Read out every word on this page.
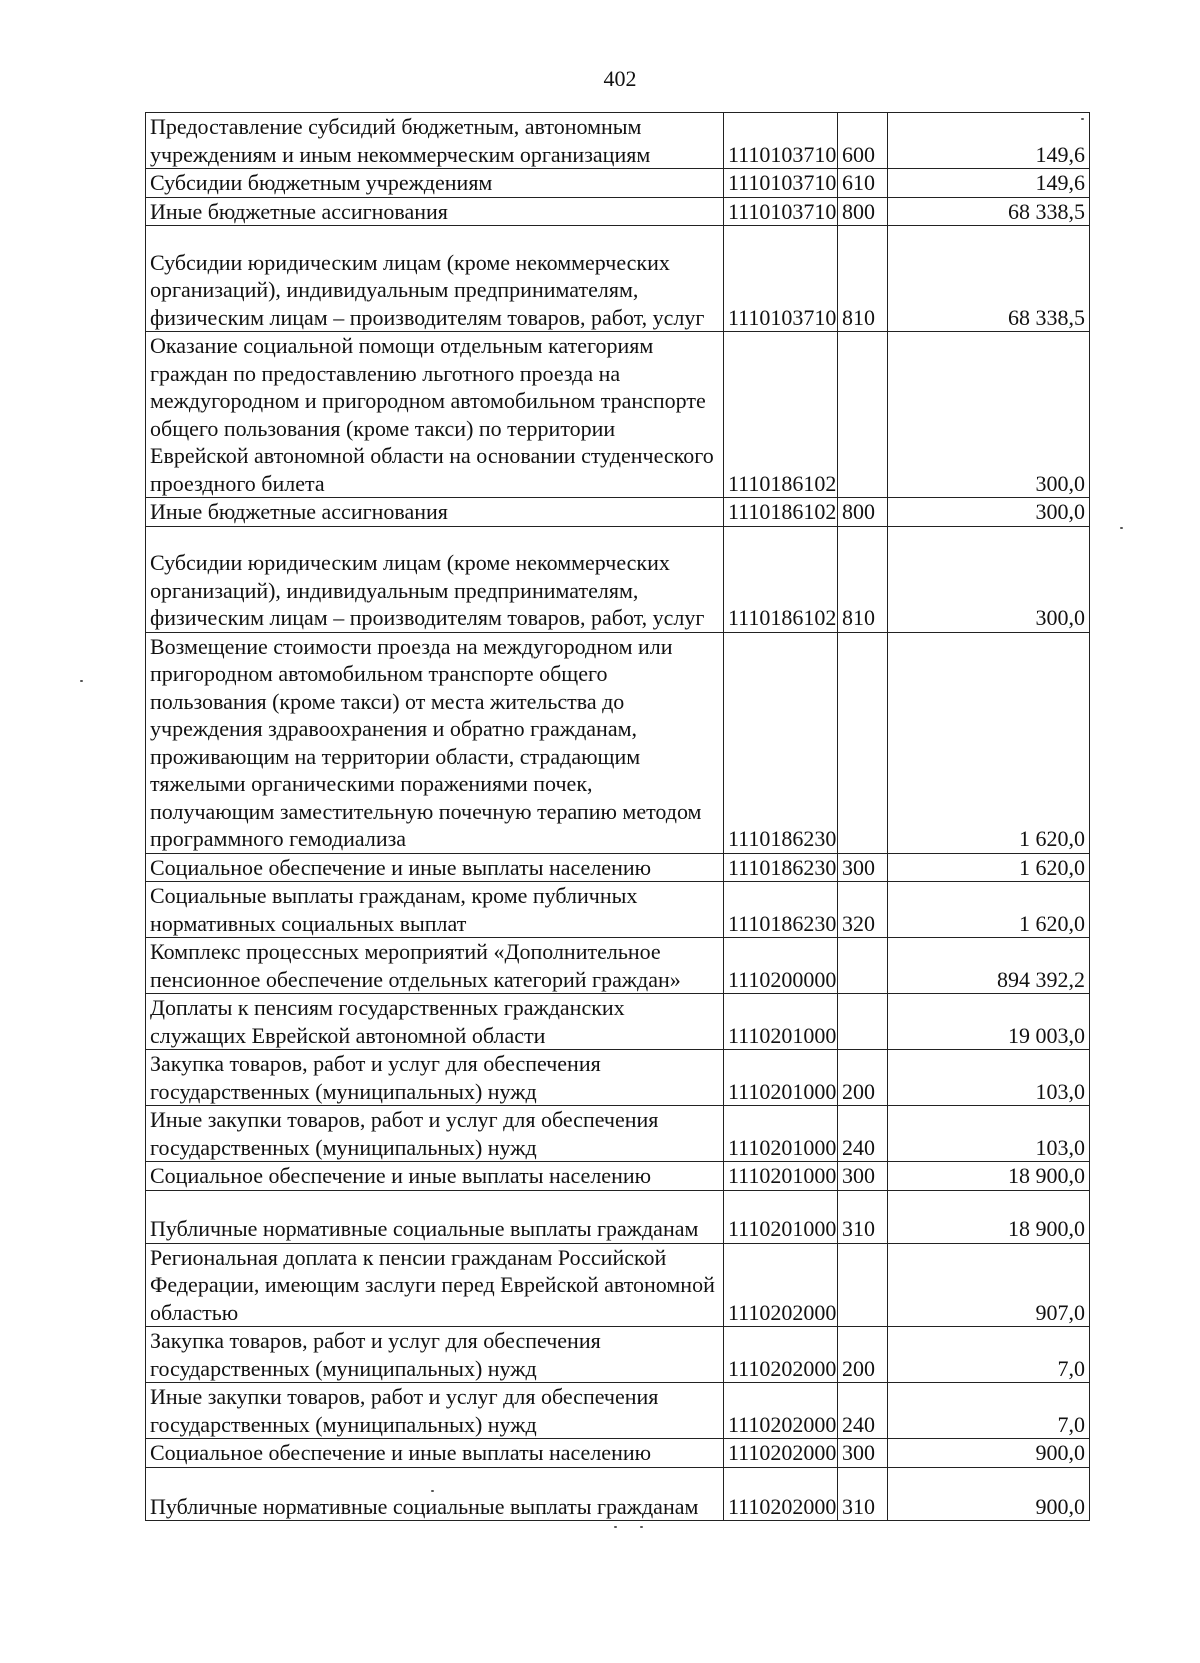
402
Предоставление субсидий бюджетным, автономным учреждениям и иным некоммерческим организациям	1110103710	600	149,6
Субсидии бюджетным учреждениям	1110103710	610	149,6
Иные бюджетные ассигнования	1110103710	800	68 338,5
Субсидии юридическим лицам (кроме некоммерческих организаций), индивидуальным предпринимателям, физическим лицам – производителям товаров, работ, услуг	1110103710	810	68 338,5
Оказание социальной помощи отдельным категориям граждан по предоставлению льготного проезда на междугородном и пригородном автомобильном транспорте общего пользования (кроме такси) по территории Еврейской автономной области на основании студенческого проездного билета	1110186102		300,0
Иные бюджетные ассигнования	1110186102	800	300,0
Субсидии юридическим лицам (кроме некоммерческих организаций), индивидуальным предпринимателям, физическим лицам – производителям товаров, работ, услуг	1110186102	810	300,0
Возмещение стоимости проезда на междугородном или пригородном автомобильном транспорте общего пользования (кроме такси) от места жительства до учреждения здравоохранения и обратно гражданам, проживающим на территории области, страдающим тяжелыми органическими поражениями почек, получающим заместительную почечную терапию методом программного гемодиализа	1110186230		1 620,0
Социальное обеспечение и иные выплаты населению	1110186230	300	1 620,0
Социальные выплаты гражданам, кроме публичных нормативных социальных выплат	1110186230	320	1 620,0
Комплекс процессных мероприятий «Дополнительное пенсионное обеспечение отдельных категорий граждан»	1110200000		894 392,2
Доплаты к пенсиям государственных гражданских служащих Еврейской автономной области	1110201000		19 003,0
Закупка товаров, работ и услуг для обеспечения государственных (муниципальных) нужд	1110201000	200	103,0
Иные закупки товаров, работ и услуг для обеспечения государственных (муниципальных) нужд	1110201000	240	103,0
Социальное обеспечение и иные выплаты населению	1110201000	300	18 900,0
Публичные нормативные социальные выплаты гражданам	1110201000	310	18 900,0
Региональная доплата к пенсии гражданам Российской Федерации, имеющим заслуги перед Еврейской автономной областью	1110202000		907,0
Закупка товаров, работ и услуг для обеспечения государственных (муниципальных) нужд	1110202000	200	7,0
Иные закупки товаров, работ и услуг для обеспечения государственных (муниципальных) нужд	1110202000	240	7,0
Социальное обеспечение и иные выплаты населению	1110202000	300	900,0
Публичные нормативные социальные выплаты гражданам	1110202000	310	900,0
